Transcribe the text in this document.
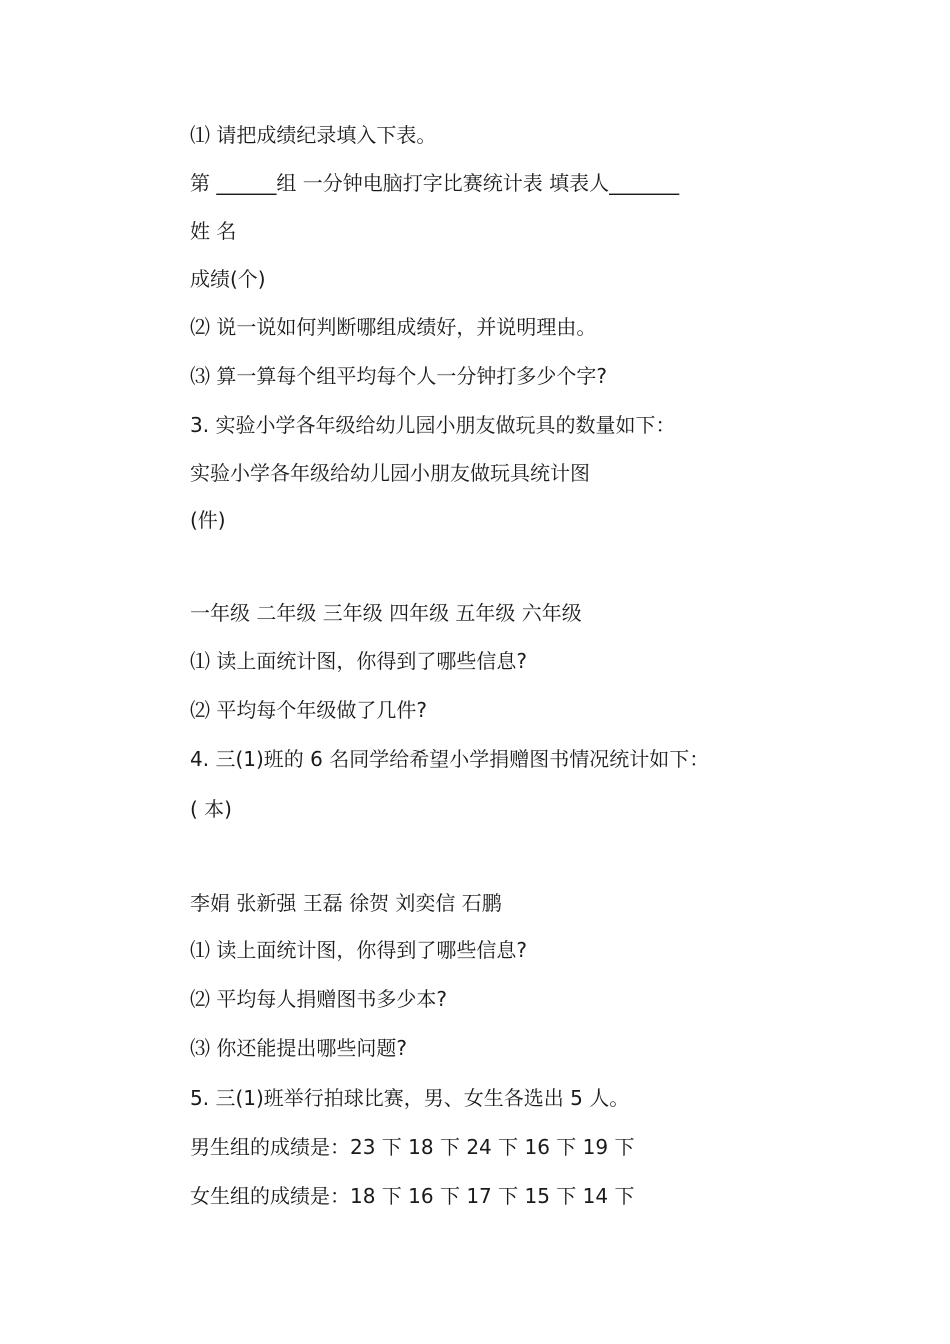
⑴ 请把成绩纪录填入下表。
第 ______组 一分钟电脑打字比赛统计表 填表人_______
姓 名
成绩(个)
⑵ 说一说如何判断哪组成绩好，并说明理由。
⑶ 算一算每个组平均每个人一分钟打多少个字?
3. 实验小学各年级给幼儿园小朋友做玩具的数量如下：
实验小学各年级给幼儿园小朋友做玩具统计图
(件)
一年级 二年级 三年级 四年级 五年级 六年级
⑴ 读上面统计图，你得到了哪些信息?
⑵ 平均每个年级做了几件?
4. 三(1)班的 6 名同学给希望小学捐赠图书情况统计如下：
( 本)
李娟 张新强 王磊 徐贺 刘奕信 石鹏
⑴ 读上面统计图，你得到了哪些信息?
⑵ 平均每人捐赠图书多少本?
⑶ 你还能提出哪些问题?
5. 三(1)班举行拍球比赛，男、女生各选出 5 人。
男生组的成绩是：23 下 18 下 24 下 16 下 19 下
女生组的成绩是：18 下 16 下 17 下 15 下 14 下
